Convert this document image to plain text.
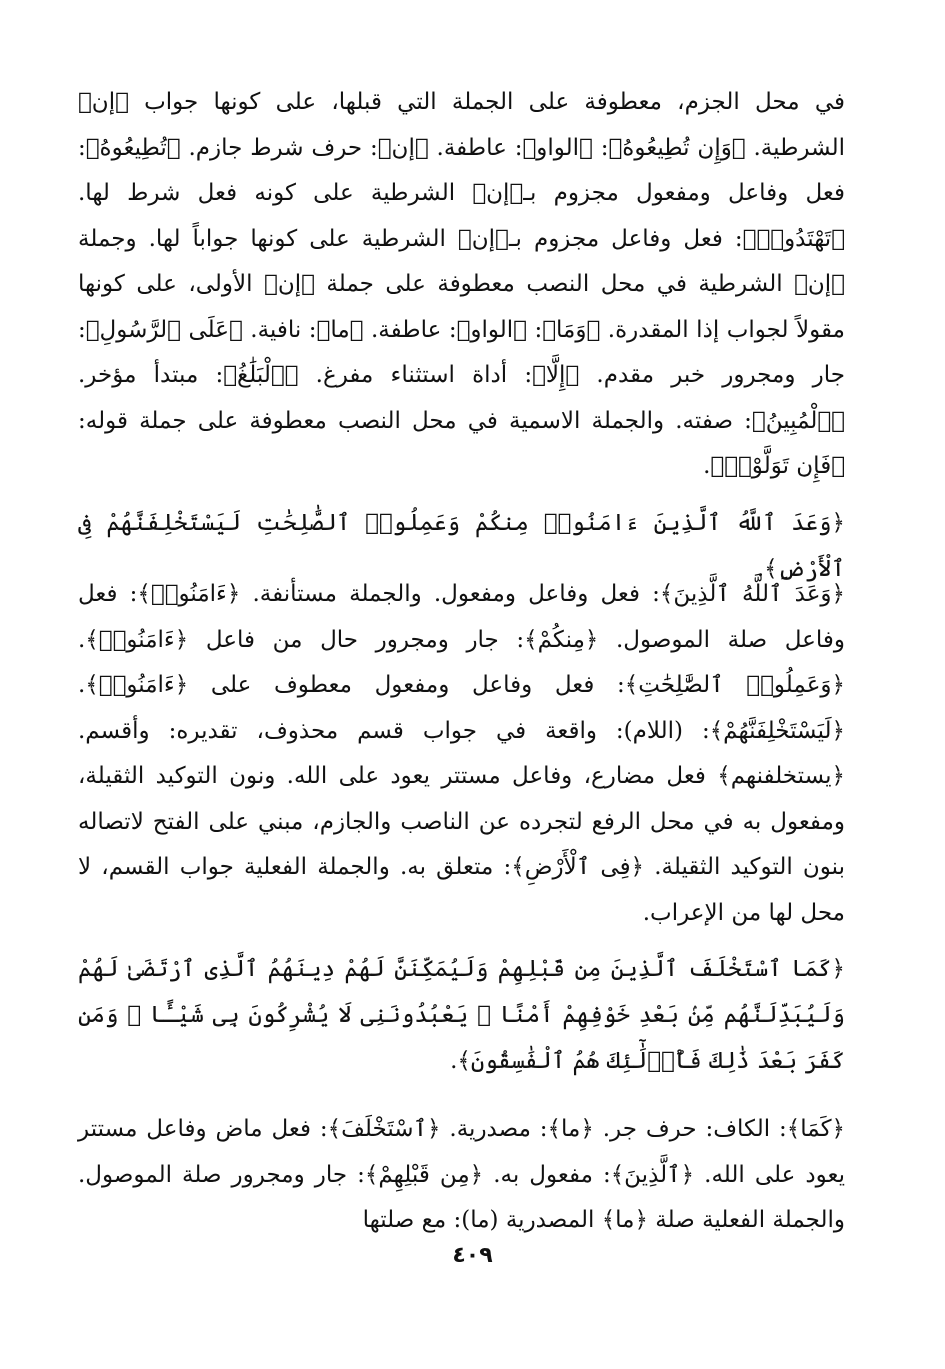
في محل الجزم، معطوفة على الجملة التي قبلها، على كونها جواب ﴿إن﴾ الشرطية. ﴿وَإِن تُطِيعُوهُ﴾: ﴿الواو﴾: عاطفة. ﴿إن﴾: حرف شرط جازم. ﴿تُطِيعُوهُ﴾: فعل وفاعل ومفعول مجزوم بـ﴿إن﴾ الشرطية على كونه فعل شرط لها. ﴿تَهْتَدُوا۟﴾: فعل وفاعل مجزوم بـ﴿إن﴾ الشرطية على كونها جواباً لها. وجملة ﴿إن﴾ الشرطية في محل النصب معطوفة على جملة ﴿إن﴾ الأولى، على كونها مقولاً لجواب إذا المقدرة. ﴿وَمَا﴾: ﴿الواو﴾: عاطفة. ﴿ما﴾: نافية. ﴿عَلَى ٱلرَّسُولِ﴾: جار ومجرور خبر مقدم. ﴿إِلَّا﴾: أداة استثناء مفرغ. ﴿ٱلْبَلَٰغُ﴾: مبتدأ مؤخر. ﴿ٱلْمُبِينُ﴾: صفته. والجملة الاسمية في محل النصب معطوفة على جملة قوله: ﴿فَإِن تَوَلَّوْا۟﴾.

﴿وَعَدَ ٱللَّهُ ٱلَّذِينَ ءَامَنُوا۟ مِنكُمْ وَعَمِلُوا۟ ٱلصَّٰلِحَٰتِ لَيَسْتَخْلِفَنَّهُمْ فِى ٱلْأَرْضِ﴾.

﴿وَعَدَ ٱللَّهُ ٱلَّذِينَ﴾: فعل وفاعل ومفعول. والجملة مستأنفة. ﴿ءَامَنُوا۟﴾: فعل وفاعل صلة الموصول. ﴿مِنكُمْ﴾: جار ومجرور حال من فاعل ﴿ءَامَنُوا۟﴾. ﴿وَعَمِلُوا۟ ٱلصَّٰلِحَٰتِ﴾: فعل وفاعل ومفعول معطوف على ﴿ءَامَنُوا۟﴾. ﴿لَيَسْتَخْلِفَنَّهُمْ﴾: (اللام): واقعة في جواب قسم محذوف، تقديره: وأقسم. ﴿يستخلفنهم﴾ فعل مضارع، وفاعل مستتر يعود على الله. ونون التوكيد الثقيلة، ومفعول به في محل الرفع لتجرده عن الناصب والجازم، مبني على الفتح لاتصاله بنون التوكيد الثقيلة. ﴿فِى ٱلْأَرْضِ﴾: متعلق به. والجملة الفعلية جواب القسم، لا محل لها من الإعراب.

﴿كَمَا ٱسْتَخْلَفَ ٱلَّذِينَ مِن قَبْلِهِمْ وَلَيُمَكِّنَنَّ لَهُمْ دِينَهُمُ ٱلَّذِى ٱرْتَضَىٰ لَهُمْ وَلَيُبَدِّلَنَّهُم مِّنۢ بَعْدِ خَوْفِهِمْ أَمْنًا ۚ يَعْبُدُونَنِى لَا يُشْرِكُونَ بِى شَيْـًٔا ۚ وَمَن كَفَرَ بَعْدَ ذَٰلِكَ فَأُو۟لَٰٓئِكَ هُمُ ٱلْفَٰسِقُونَ﴾.

﴿كَمَا﴾: الكاف: حرف جر. ﴿ما﴾: مصدرية. ﴿ٱسْتَخْلَفَ﴾: فعل ماض وفاعل مستتر يعود على الله. ﴿ٱلَّذِينَ﴾: مفعول به. ﴿مِن قَبْلِهِمْ﴾: جار ومجرور صلة الموصول. والجملة الفعلية صلة ﴿ما﴾ المصدرية (ما): مع صلتها

٤٠٩
